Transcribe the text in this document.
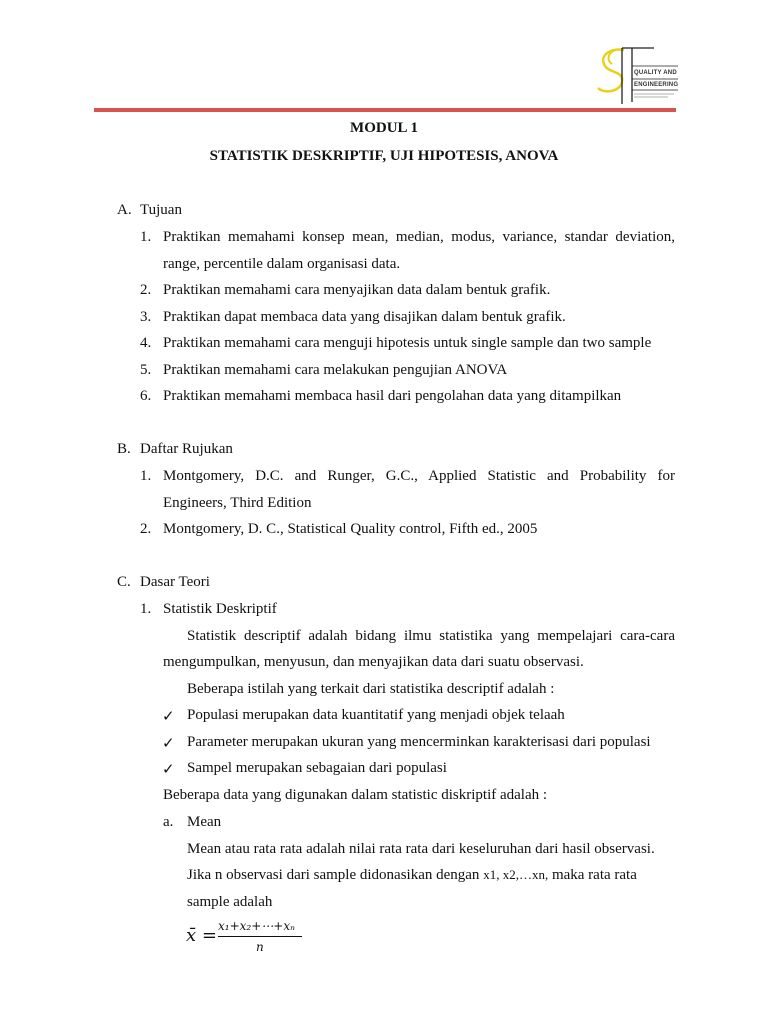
QUALITY AND
ENGINEERING
MODUL 1
STATISTIK DESKRIPTIF, UJI HIPOTESIS, ANOVA
A. Tujuan
1. Praktikan memahami konsep mean, median, modus, variance, standar deviation,
range, percentile dalam organisasi data.
2. Praktikan memahami cara menyajikan data dalam bentuk grafik.
3. Praktikan dapat membaca data yang disajikan dalam bentuk grafik.
4. Praktikan memahami cara menguji hipotesis untuk single sample dan two sample
5. Praktikan memahami cara melakukan pengujian ANOVA
6. Praktikan memahami membaca hasil dari pengolahan data yang ditampilkan
B. Daftar Rujukan
1. Montgomery, D.C. and Runger, G.C., Applied Statistic and Probability for
Engineers, Third Edition
2. Montgomery, D. C., Statistical Quality control, Fifth ed., 2005
C. Dasar Teori
1. Statistik Deskriptif
Statistik descriptif adalah bidang ilmu statistika yang mempelajari cara-cara
mengumpulkan, menyusun, dan menyajikan data dari suatu observasi.
Beberapa istilah yang terkait dari statistika descriptif adalah :
✓ Populasi merupakan data kuantitatif yang menjadi objek telaah
✓ Parameter merupakan ukuran yang mencerminkan karakterisasi dari populasi
✓ Sampel merupakan sebagaian dari populasi
Beberapa data yang digunakan dalam statistic diskriptif adalah :
a. Mean
Mean atau rata rata adalah nilai rata rata dari keseluruhan dari hasil observasi.
Jika n observasi dari sample didonasikan dengan x1, x2,…xn, maka rata rata
sample adalah
x̄ = x₁+x₂+⋯+xₙ
n
